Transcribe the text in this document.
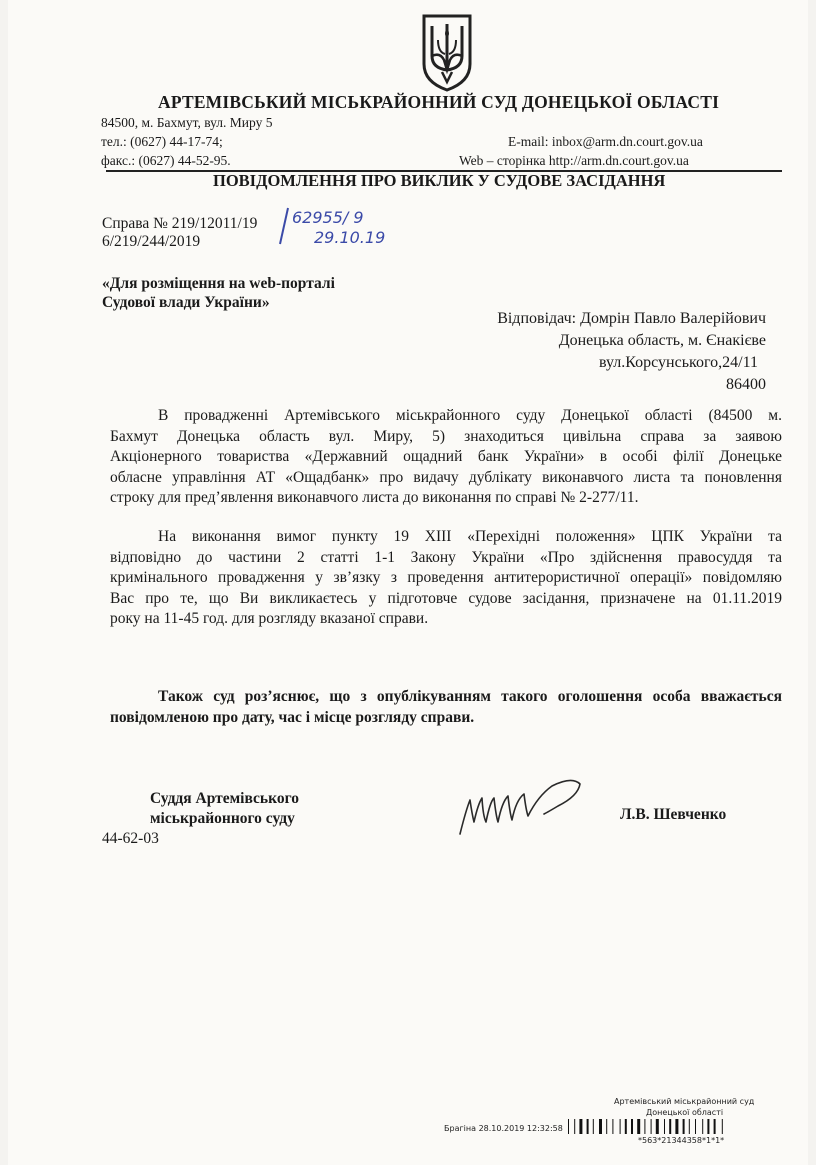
АРТЕМІВСЬКИЙ МІСЬКРАЙОННИЙ СУД ДОНЕЦЬКОЇ ОБЛАСТІ
84500, м. Бахмут, вул. Миру 5
тел.: (0627) 44-17-74;
факс.: (0627) 44-52-95.
E-mail: inbox@arm.dn.court.gov.ua
Web – сторінка http://arm.dn.court.gov.ua
ПОВІДОМЛЕННЯ ПРО ВИКЛИК У СУДОВЕ ЗАСІДАННЯ
Справа № 219/12011/19
6/219/244/2019
62955/ 9
29.10.19
«Для розміщення на web-порталі
Судової влади України»
Відповідач: Домрін Павло Валерійович
Донецька область, м. Єнакієве
вул.Корсунського,24/11
86400
В провадженні Артемівського міськрайонного суду Донецької області (84500 м.
Бахмут Донецька область вул. Миру, 5) знаходиться цивільна справа за заявою
Акціонерного товариства «Державний ощадний банк України» в особі філії Донецьке
обласне управління АТ «Ощадбанк» про видачу дублікату виконавчого листа та поновлення
строку для пред’явлення виконавчого листа до виконання по справі № 2-277/11.
На виконання вимог пункту 19 ХІІІ «Перехідні положення» ЦПК України та
відповідно до частини 2 статті 1-1 Закону України «Про здійснення правосуддя та
кримінального провадження у зв’язку з проведення антитерористичної операції» повідомляю
Вас про те, що Ви викликаєтесь у підготовче судове засідання, призначене на 01.11.2019
року на 11-45 год. для розгляду вказаної справи.
Також суд роз’яснює, що з опублікуванням такого оголошення особа вважається
повідомленою про дату, час і місце розгляду справи.
Суддя Артемівського
міськрайонного суду
44-62-03
Л.В. Шевченко
Артемівський міськрайонний суд
Донецької області
Брагіна 28.10.2019 12:32:58
*563*21344358*1*1*
